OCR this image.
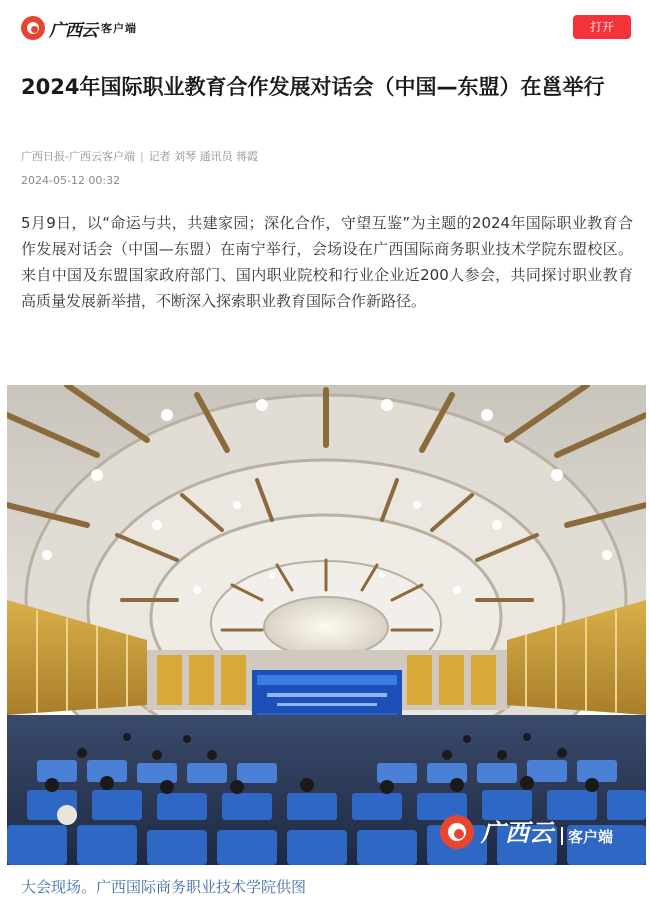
广西云 客户端	打开
2024年国际职业教育合作发展对话会（中国—东盟）在邕举行
广西日报-广西云客户端 | 记者 刘琴 通讯员 蒋霞
2024-05-12 00:32

5月9日，以“命运与共，共建家园；深化合作，守望互鉴”为主题的2024年国际职业教育合作发展对话会（中国—东盟）在南宁举行，会场设在广西国际商务职业技术学院东盟校区。来自中国及东盟国家政府部门、国内职业院校和行业企业近200人参会，共同探讨职业教育高质量发展新举措，不断深入探索职业教育国际合作新路径。

广西云 客户端
大会现场。广西国际商务职业技术学院供图
